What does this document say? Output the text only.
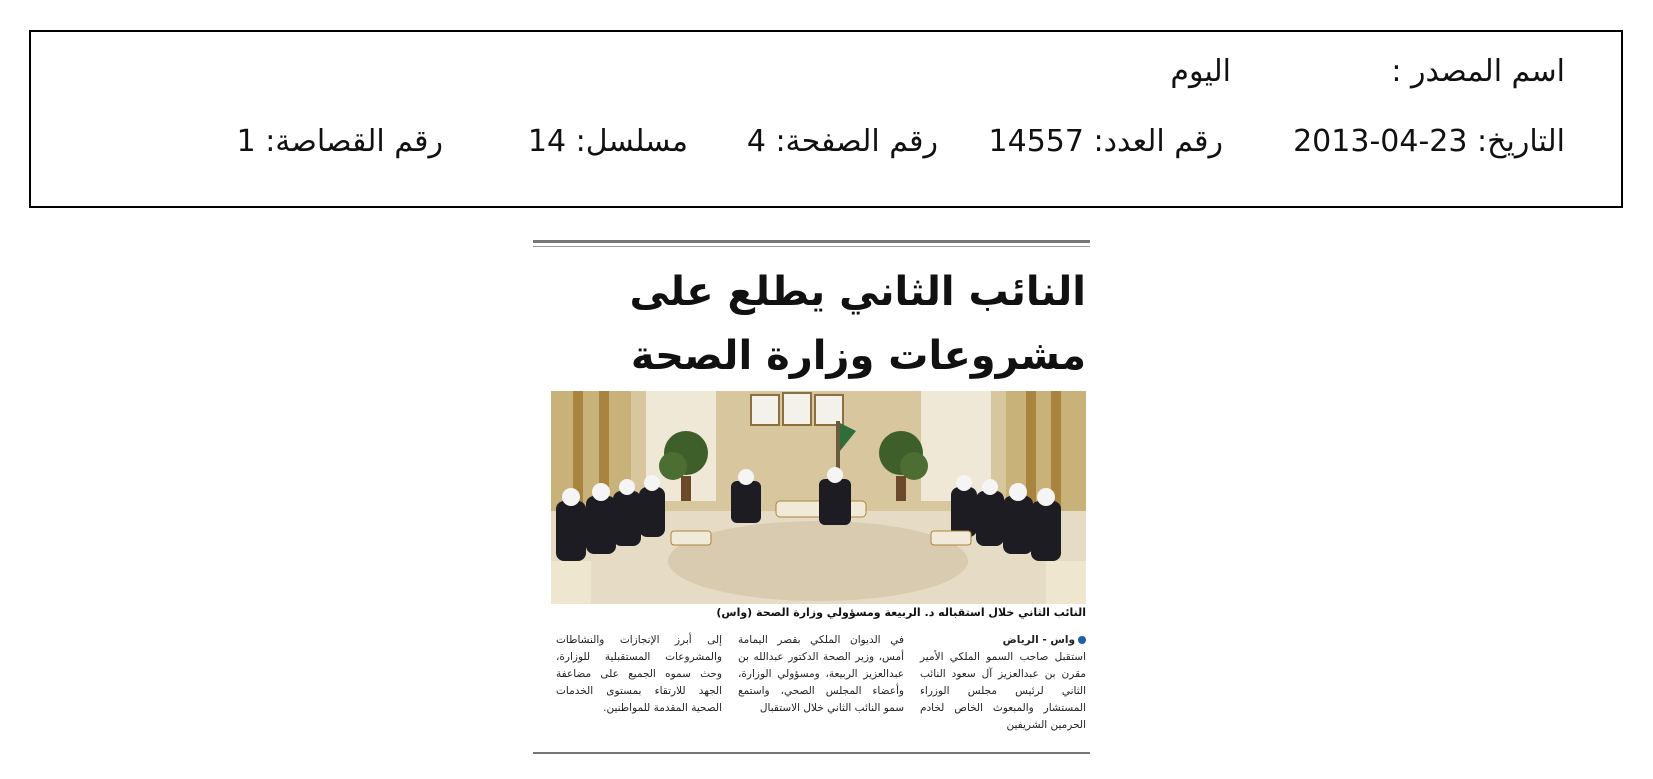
اسم المصدر :
اليوم
التاريخ: 23-04-2013
رقم العدد: 14557
رقم الصفحة: 4
مسلسل: 14
رقم القصاصة: 1
النائب الثاني يطلع على
مشروعات وزارة الصحة
النائب الثاني خلال استقباله د. الربيعة ومسؤولي وزارة الصحة (واس)
واس - الرياض
استقبل صاحب السمو الملكي الأمير مقرن بن عبدالعزيز آل سعود النائب الثاني لرئيس مجلس الوزراء المستشار والمبعوث الخاص لخادم الحرمين الشريفين
في الديوان الملكي بقصر اليمامة أمس، وزير الصحة الدكتور عبدالله بن عبدالعزيز الربيعة، ومسؤولي الوزارة، وأعضاء المجلس الصحي، واستمع سمو النائب الثاني خلال الاستقبال
إلى أبرز الإنجازات والنشاطات والمشروعات المستقبلية للوزارة، وحث سموه الجميع على مضاعفة الجهد للارتقاء بمستوى الخدمات الصحية المقدمة للمواطنين.
